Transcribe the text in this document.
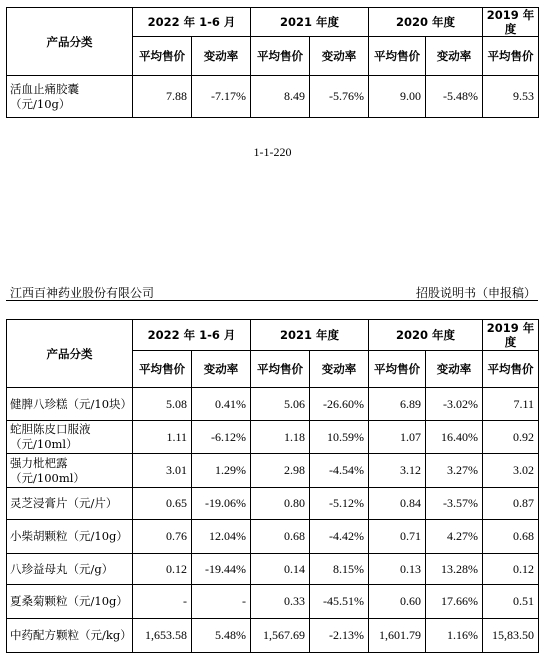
产品分类	2022 年 1-6 月		2021 年度		2020 年度		2019 年度
	平均售价	变动率	平均售价	变动率	平均售价	变动率	平均售价
活血止痛胶囊（元/10g）	7.88	-7.17%	8.49	-5.76%	9.00	-5.48%	9.53
1-1-220
江西百神药业股份有限公司	招股说明书（申报稿）
产品分类	2022 年 1-6 月		2021 年度		2020 年度		2019 年度
	平均售价	变动率	平均售价	变动率	平均售价	变动率	平均售价
健脾八珍糕（元/10块）	5.08	0.41%	5.06	-26.60%	6.89	-3.02%	7.11
蛇胆陈皮口服液（元/10ml）	1.11	-6.12%	1.18	10.59%	1.07	16.40%	0.92
强力枇杷露（元/100ml）	3.01	1.29%	2.98	-4.54%	3.12	3.27%	3.02
灵芝浸膏片（元/片）	0.65	-19.06%	0.80	-5.12%	0.84	-3.57%	0.87
小柴胡颗粒（元/10g）	0.76	12.04%	0.68	-4.42%	0.71	4.27%	0.68
八珍益母丸（元/g）	0.12	-19.44%	0.14	8.15%	0.13	13.28%	0.12
夏桑菊颗粒（元/10g）	-	-	0.33	-45.51%	0.60	17.66%	0.51
中药配方颗粒（元/kg）	1,653.58	5.48%	1,567.69	-2.13%	1,601.79	1.16%	15,83.50
